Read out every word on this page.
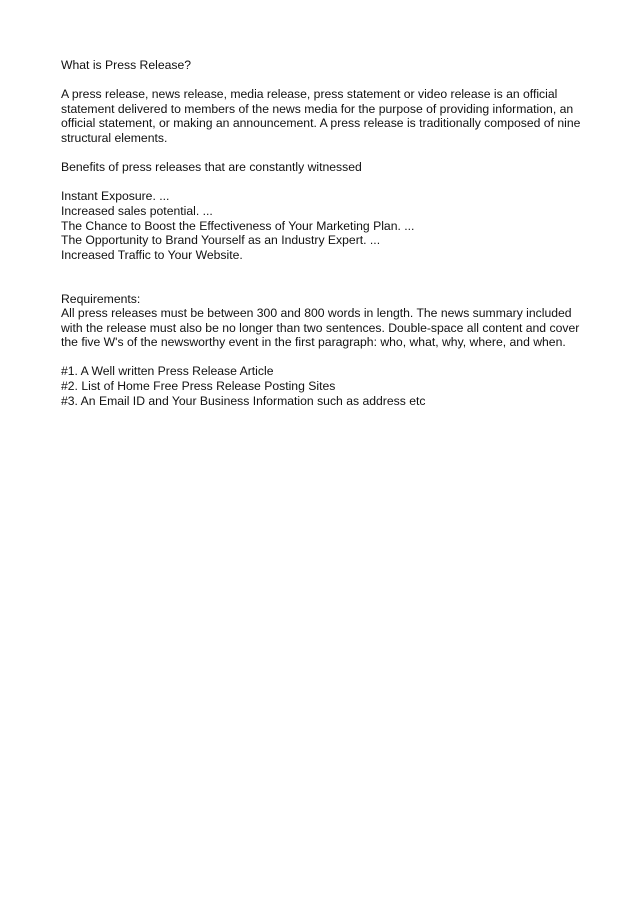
What is Press Release?
A press release, news release, media release, press statement or video release is an official
statement delivered to members of the news media for the purpose of providing information, an
official statement, or making an announcement. A press release is traditionally composed of nine
structural elements.
Benefits of press releases that are constantly witnessed
Instant Exposure. ...
Increased sales potential. ...
The Chance to Boost the Effectiveness of Your Marketing Plan. ...
The Opportunity to Brand Yourself as an Industry Expert. ...
Increased Traffic to Your Website.
Requirements:
All press releases must be between 300 and 800 words in length. The news summary included
with the release must also be no longer than two sentences. Double-space all content and cover
the five W's of the newsworthy event in the first paragraph: who, what, why, where, and when.
#1. A Well written Press Release Article
#2. List of Home Free Press Release Posting Sites
#3. An Email ID and Your Business Information such as address etc
